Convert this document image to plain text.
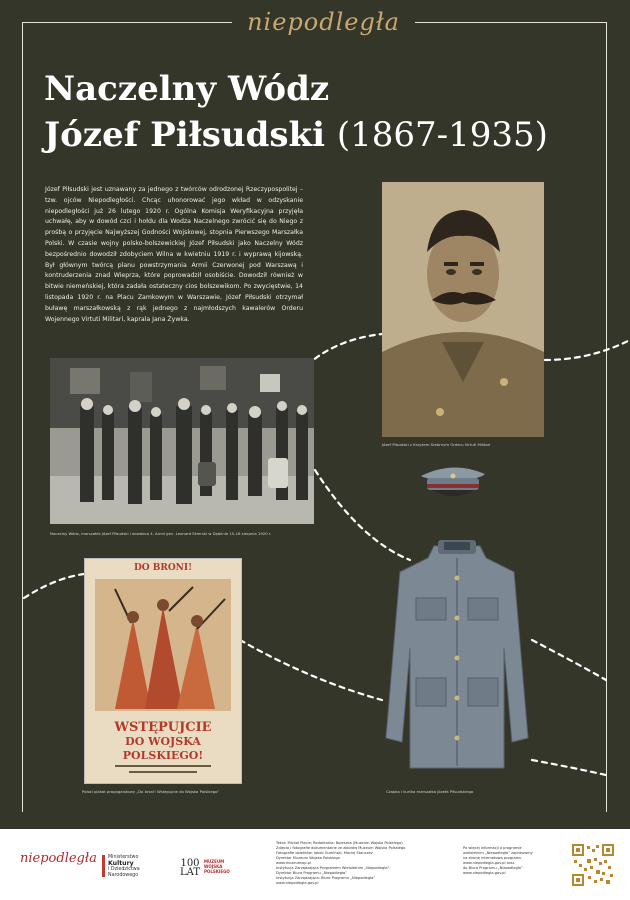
niepodległa
Naczelny Wódz
Józef Piłsudski (1867-1935)

Józef Piłsudski jest uznawany za jednego z twórców odrodzonej Rzeczypospolitej – tzw. ojców Niepodległości. Chcąc uhonorować jego wkład w odzyskanie niepodległości już 26 lutego 1920 r. Ogólna Komisja Weryfikacyjna przyjęła uchwałę, aby w dowód czci i hołdu dla Wodza Naczelnego zwrócić się do Niego z prośbą o przyjęcie Najwyższej Godności Wojskowej, stopnia Pierwszego Marszałka Polski. W czasie wojny polsko-bolszewickiej Józef Piłsudski jako Naczelny Wódz bezpośrednio dowodził zdobyciem Wilna w kwietniu 1919 r. i wyprawą kijowską. Był głównym twórcą planu powstrzymania Armii Czerwonej pod Warszawą i kontruderzenia znad Wieprza, które poprowadził osobiście. Dowodził również w bitwie niemeńskiej, która zadała ostateczny cios bolszewikom. Po zwycięstwie, 14 listopada 1920 r. na Placu Zamkowym w Warszawie, Józef Piłsudski otrzymał buławę marszałkowską z rąk jednego z najmłodszych kawalerów Orderu Wojennego Virtuti Militari, kaprala Jana Żywka.

Józef Piłsudski z Krzyżem Srebrnym Orderu Virtuti Militari
Naczelny Wódz, marszałek Józef Piłsudski i dowódca 4. Armii gen. Leonard Skierski w Dęblinie 15-16 sierpnia 1920 r.
Czapka i kurtka marszałka Józefa Piłsudskiego
DO BRONI!
WSTĘPUJCIE
DO WOJSKA
POLSKIEGO!
Polski plakat propagandowy „Do broni! Wstępujcie do Wojska Polskiego”
niepodległa Ministerstwo
Kultury
i Dziedzictwa
Narodowego
100
LAT
MUZEUM
WOJSKA
POLSKIEGO
Tekst: Michał Pięcia; Redaktorka: Boleszka (Muzeum Wojska Polskiego)
Zdjęcia i fotografie dokumentalne ze zbiorów Muzeum Wojska Polskiego
Fotografie obiektów: Jakub Gumiński, Maciej Stanczev
Dyrektor Muzeum Wojska Polskiego
www.muzeumwp.pl
Instytucja Zarządzająca Programem Wieloletnim „Niepodległa”:
Dyrektor Biura Programu „Niepodległa”
Instytucja Zarządzająca: Biuro Programu „Niepodległa”
www.niepodlegla.gov.pl
Po więcej informacji o programie
wieloletnim „Niepodległa” zapraszamy
na stronę internetową programu
www.niepodlegla.gov.pl oraz
do Biura Programu „Niepodległa”
www.niepodlegla.gov.pl
